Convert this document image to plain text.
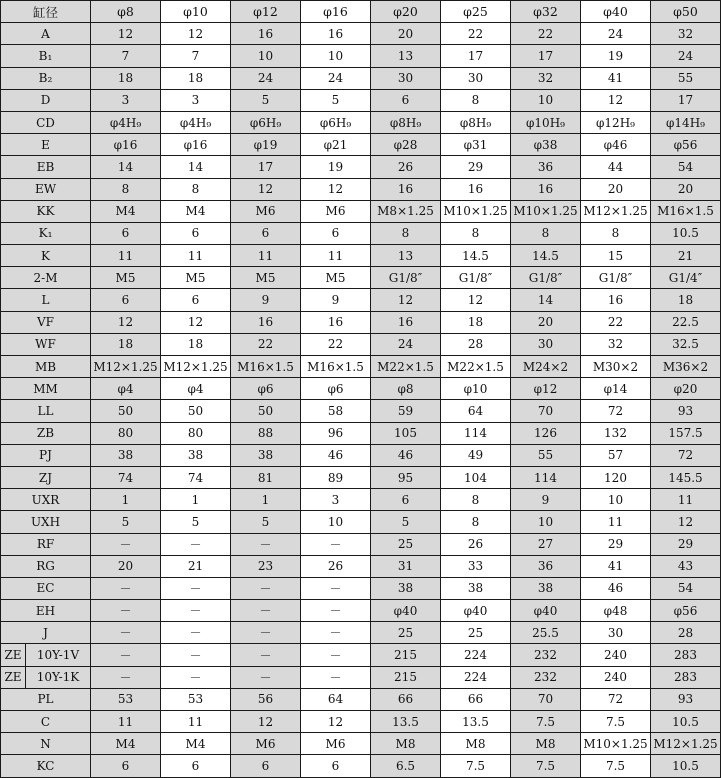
缸径	φ8	φ10	φ12	φ16	φ20	φ25	φ32	φ40	φ50
A	12	12	16	16	20	22	22	24	32
B₁	7	7	10	10	13	17	17	19	24
B₂	18	18	24	24	30	30	32	41	55
D	3	3	5	5	6	8	10	12	17
CD	φ4H₉	φ4H₉	φ6H₉	φ6H₉	φ8H₉	φ8H₉	φ10H₉	φ12H₉	φ14H₉
E	φ16	φ16	φ19	φ21	φ28	φ31	φ38	φ46	φ56
EB	14	14	17	19	26	29	36	44	54
EW	8	8	12	12	16	16	16	20	20
KK	M4	M4	M6	M6	M8×1.25	M10×1.25	M10×1.25	M12×1.25	M16×1.5
K₁	6	6	6	6	8	8	8	8	10.5
K	11	11	11	11	13	14.5	14.5	15	21
2-M	M5	M5	M5	M5	G1/8″	G1/8″	G1/8″	G1/8″	G1/4″
L	6	6	9	9	12	12	14	16	18
VF	12	12	16	16	16	18	20	22	22.5
WF	18	18	22	22	24	28	30	32	32.5
MB	M12×1.25	M12×1.25	M16×1.5	M16×1.5	M22×1.5	M22×1.5	M24×2	M30×2	M36×2
MM	φ4	φ4	φ6	φ6	φ8	φ10	φ12	φ14	φ20
LL	50	50	50	58	59	64	70	72	93
ZB	80	80	88	96	105	114	126	132	157.5
PJ	38	38	38	46	46	49	55	57	72
ZJ	74	74	81	89	95	104	114	120	145.5
UXR	1	1	1	3	6	8	9	10	11
UXH	5	5	5	10	5	8	10	11	12
RF	－	－	－	－	25	26	27	29	29
RG	20	21	23	26	31	33	36	41	43
EC	－	－	－	－	38	38	38	46	54
EH	－	－	－	－	φ40	φ40	φ40	φ48	φ56
J	－	－	－	－	25	25	25.5	30	28

ZE 10Y-1V	－	－	－	－	215	224	232	240	283

ZE 10Y-1K	－	－	－	－	215	224	232	240	283
PL	53	53	56	64	66	66	70	72	93
C	11	11	12	12	13.5	13.5	7.5	7.5	10.5
N	M4	M4	M6	M6	M8	M8	M8	M10×1.25	M12×1.25
KC	6	6	6	6	6.5	7.5	7.5	7.5	10.5
